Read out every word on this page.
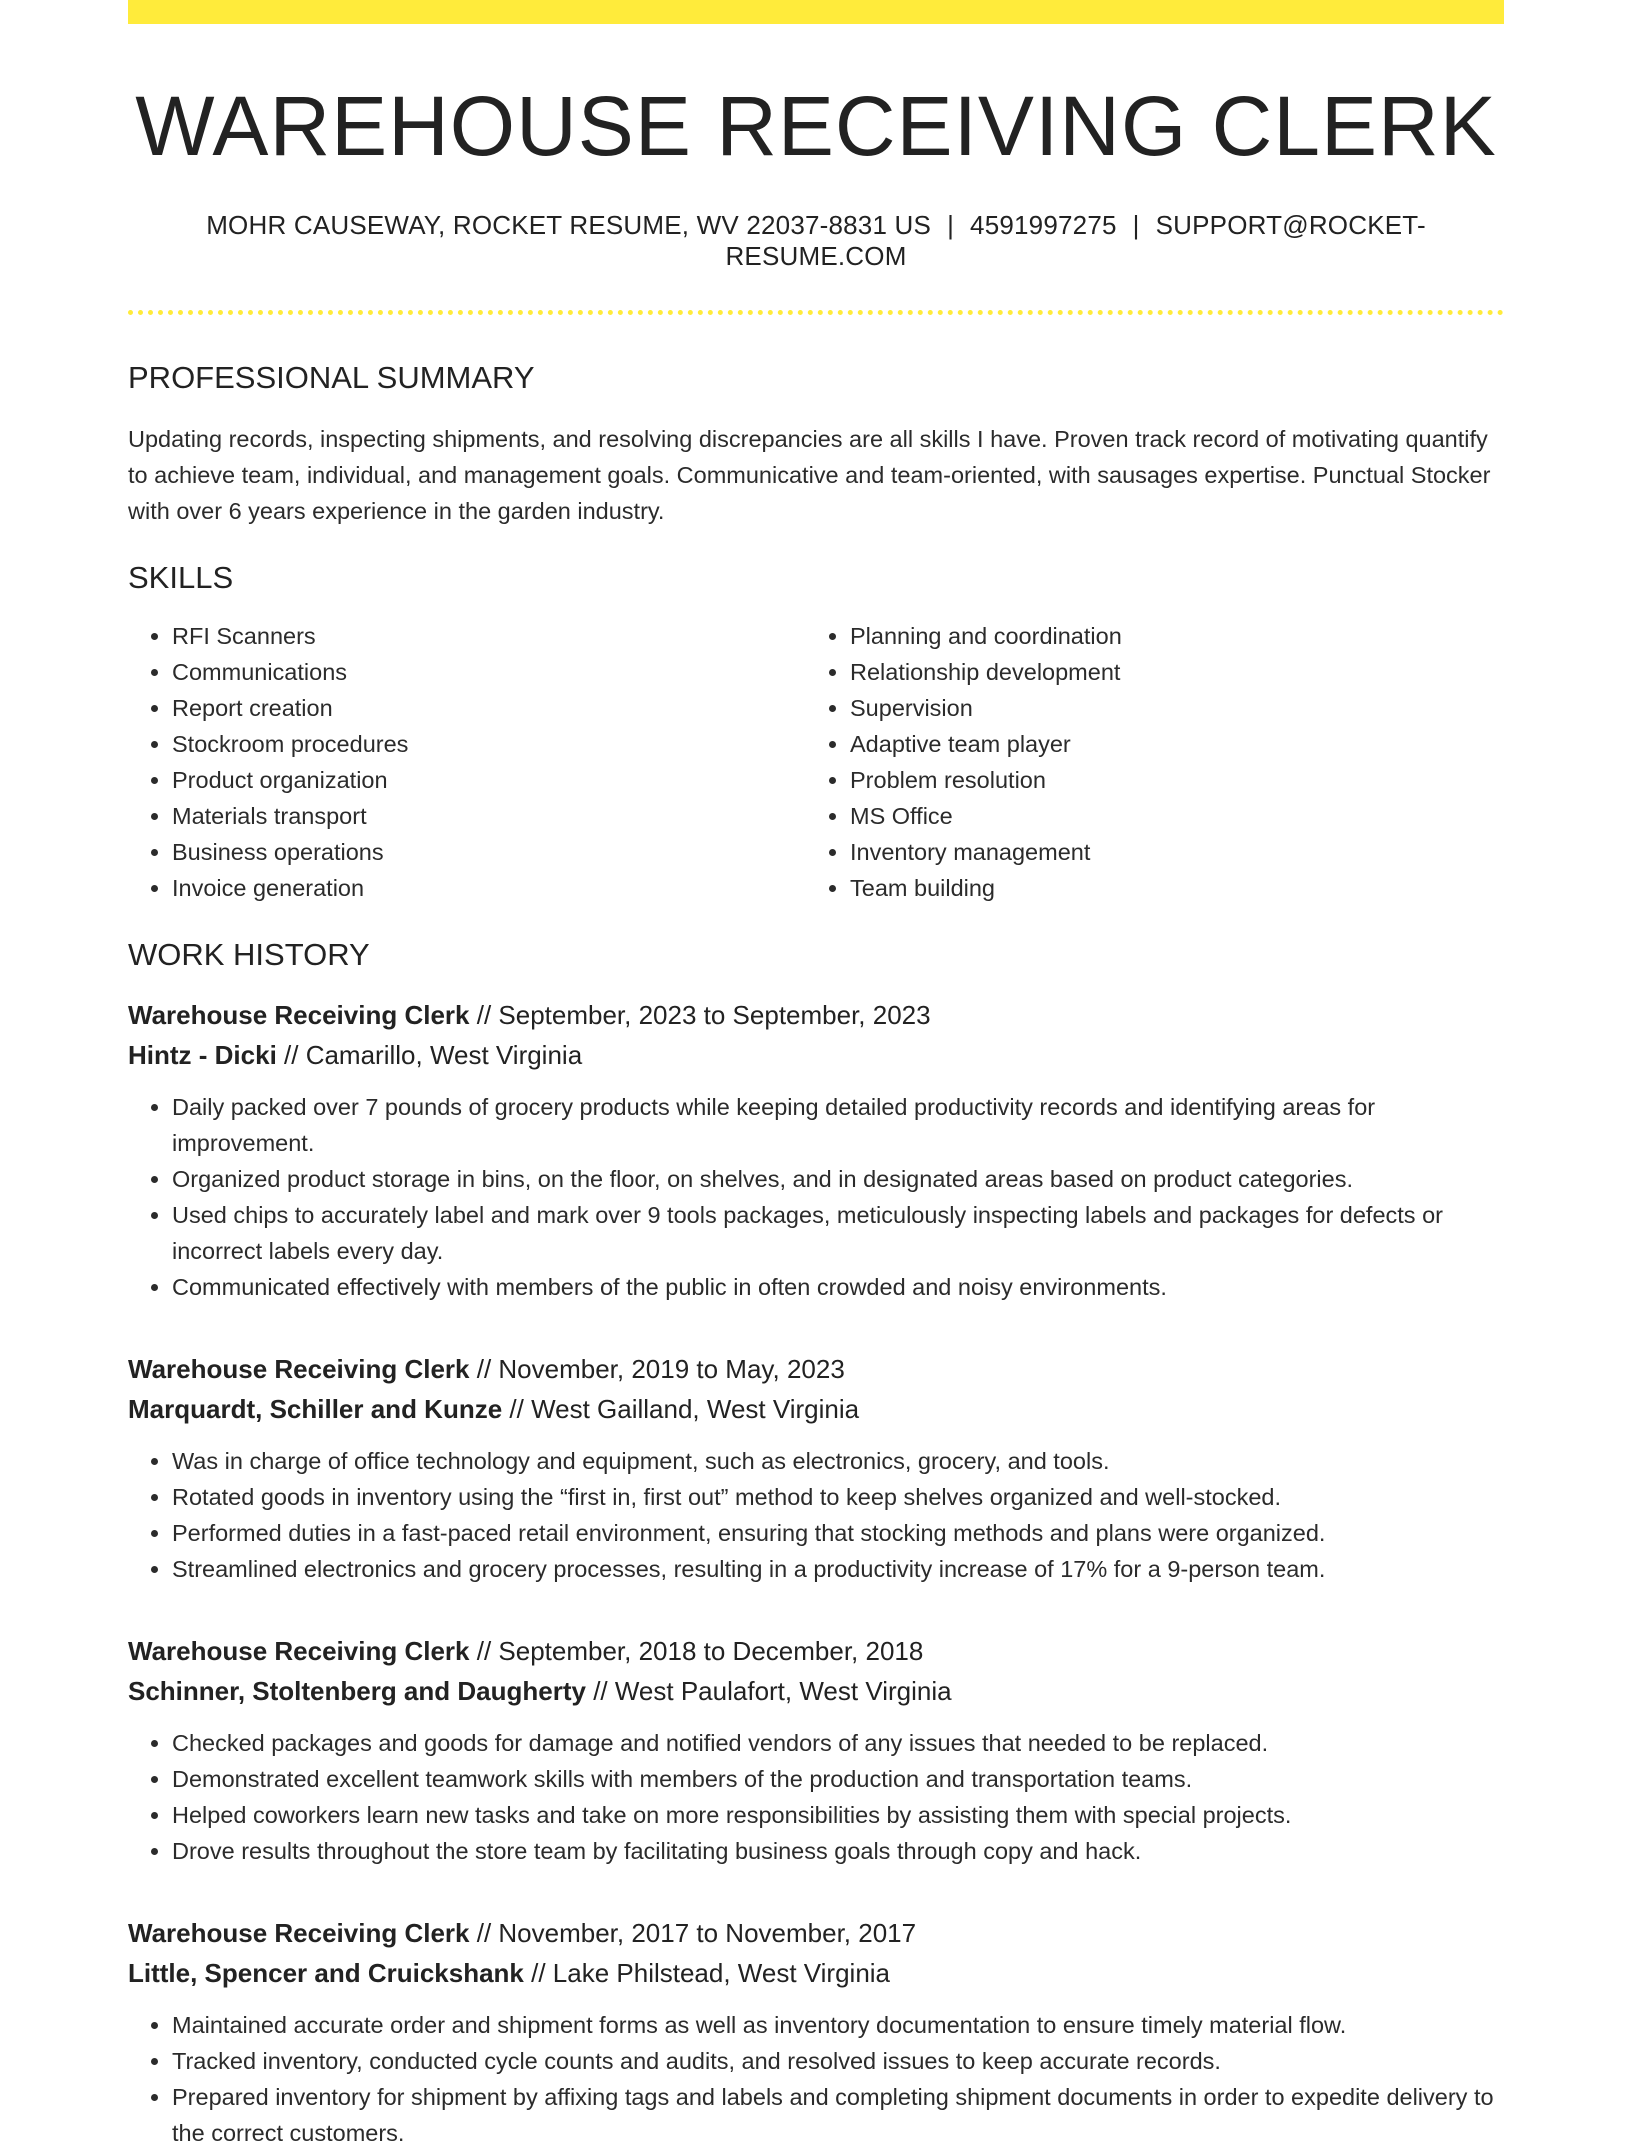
WAREHOUSE RECEIVING CLERK
MOHR CAUSEWAY, ROCKET RESUME, WV 22037-8831 US | 4591997275 | SUPPORT@ROCKET-RESUME.COM
PROFESSIONAL SUMMARY

Updating records, inspecting shipments, and resolving discrepancies are all skills I have. Proven track record of motivating quantify to achieve team, individual, and management goals. Communicative and team-oriented, with sausages expertise. Punctual Stocker with over 6 years experience in the garden industry.

SKILLS
• RFI Scanners
• Communications
• Report creation
• Stockroom procedures
• Product organization
• Materials transport
• Business operations
• Invoice generation
• Planning and coordination
• Relationship development
• Supervision
• Adaptive team player
• Problem resolution
• MS Office
• Inventory management
• Team building
WORK HISTORY
Warehouse Receiving Clerk // September, 2023 to September, 2023
Hintz - Dicki // Camarillo, West Virginia
• Daily packed over 7 pounds of grocery products while keeping detailed productivity records and identifying areas for improvement.
• Organized product storage in bins, on the floor, on shelves, and in designated areas based on product categories.
• Used chips to accurately label and mark over 9 tools packages, meticulously inspecting labels and packages for defects or incorrect labels every day.
• Communicated effectively with members of the public in often crowded and noisy environments.
Warehouse Receiving Clerk // November, 2019 to May, 2023
Marquardt, Schiller and Kunze // West Gailland, West Virginia
• Was in charge of office technology and equipment, such as electronics, grocery, and tools.
• Rotated goods in inventory using the “first in, first out” method to keep shelves organized and well-stocked.
• Performed duties in a fast-paced retail environment, ensuring that stocking methods and plans were organized.
• Streamlined electronics and grocery processes, resulting in a productivity increase of 17% for a 9-person team.
Warehouse Receiving Clerk // September, 2018 to December, 2018
Schinner, Stoltenberg and Daugherty // West Paulafort, West Virginia
• Checked packages and goods for damage and notified vendors of any issues that needed to be replaced.
• Demonstrated excellent teamwork skills with members of the production and transportation teams.
• Helped coworkers learn new tasks and take on more responsibilities by assisting them with special projects.
• Drove results throughout the store team by facilitating business goals through copy and hack.
Warehouse Receiving Clerk // November, 2017 to November, 2017
Little, Spencer and Cruickshank // Lake Philstead, West Virginia
• Maintained accurate order and shipment forms as well as inventory documentation to ensure timely material flow.
• Tracked inventory, conducted cycle counts and audits, and resolved issues to keep accurate records.
• Prepared inventory for shipment by affixing tags and labels and completing shipment documents in order to expedite delivery to the correct customers.
